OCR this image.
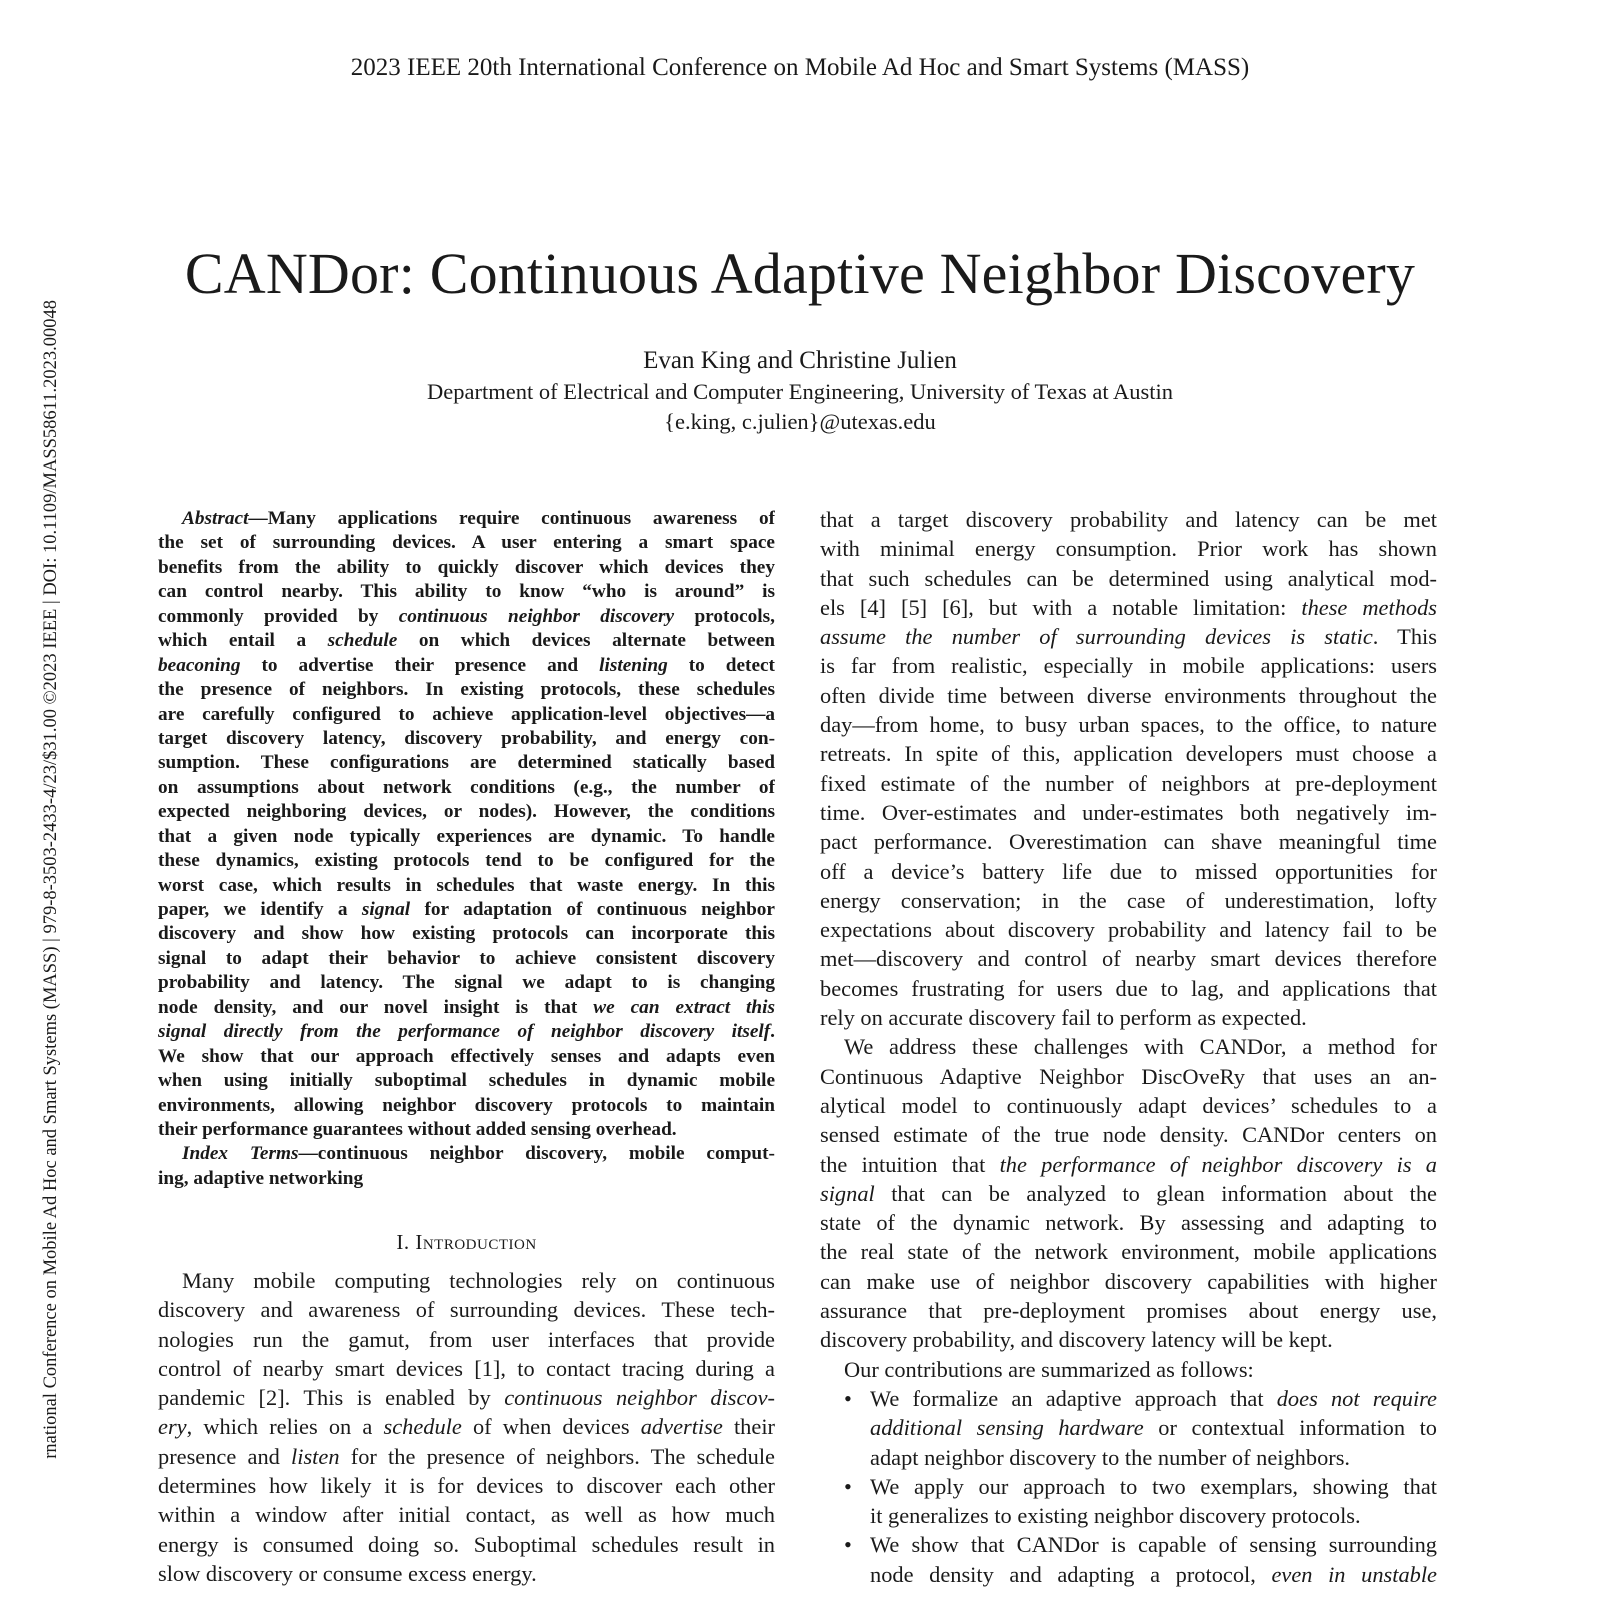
2023 IEEE 20th International Conference on Mobile Ad Hoc and Smart Systems (MASS)
rnational Conference on Mobile Ad Hoc and Smart Systems (MASS) | 979-8-3503-2433-4/23/$31.00 ©2023 IEEE | DOI: 10.1109/MASS58611.2023.00048
CANDor: Continuous Adaptive Neighbor Discovery
Evan King and Christine Julien
Department of Electrical and Computer Engineering, University of Texas at Austin
{e.king, c.julien}@utexas.edu
Abstract—Many applications require continuous awareness of
the set of surrounding devices. A user entering a smart space
benefits from the ability to quickly discover which devices they
can control nearby. This ability to know “who is around” is
commonly provided by continuous neighbor discovery protocols,
which entail a schedule on which devices alternate between
beaconing to advertise their presence and listening to detect
the presence of neighbors. In existing protocols, these schedules
are carefully configured to achieve application-level objectives—a
target discovery latency, discovery probability, and energy con-
sumption. These configurations are determined statically based
on assumptions about network conditions (e.g., the number of
expected neighboring devices, or nodes). However, the conditions
that a given node typically experiences are dynamic. To handle
these dynamics, existing protocols tend to be configured for the
worst case, which results in schedules that waste energy. In this
paper, we identify a signal for adaptation of continuous neighbor
discovery and show how existing protocols can incorporate this
signal to adapt their behavior to achieve consistent discovery
probability and latency. The signal we adapt to is changing
node density, and our novel insight is that we can extract this
signal directly from the performance of neighbor discovery itself.
We show that our approach effectively senses and adapts even
when using initially suboptimal schedules in dynamic mobile
environments, allowing neighbor discovery protocols to maintain
their performance guarantees without added sensing overhead.
Index Terms—continuous neighbor discovery, mobile comput-
ing, adaptive networking
I. Introduction
Many mobile computing technologies rely on continuous
discovery and awareness of surrounding devices. These tech-
nologies run the gamut, from user interfaces that provide
control of nearby smart devices [1], to contact tracing during a
pandemic [2]. This is enabled by continuous neighbor discov-
ery, which relies on a schedule of when devices advertise their
presence and listen for the presence of neighbors. The schedule
determines how likely it is for devices to discover each other
within a window after initial contact, as well as how much
energy is consumed doing so. Suboptimal schedules result in
slow discovery or consume excess energy.
that a target discovery probability and latency can be met
with minimal energy consumption. Prior work has shown
that such schedules can be determined using analytical mod-
els [4] [5] [6], but with a notable limitation: these methods
assume the number of surrounding devices is static. This
is far from realistic, especially in mobile applications: users
often divide time between diverse environments throughout the
day—from home, to busy urban spaces, to the office, to nature
retreats. In spite of this, application developers must choose a
fixed estimate of the number of neighbors at pre-deployment
time. Over-estimates and under-estimates both negatively im-
pact performance. Overestimation can shave meaningful time
off a device’s battery life due to missed opportunities for
energy conservation; in the case of underestimation, lofty
expectations about discovery probability and latency fail to be
met—discovery and control of nearby smart devices therefore
becomes frustrating for users due to lag, and applications that
rely on accurate discovery fail to perform as expected.
We address these challenges with CANDor, a method for
Continuous Adaptive Neighbor DiscOveRy that uses an an-
alytical model to continuously adapt devices’ schedules to a
sensed estimate of the true node density. CANDor centers on
the intuition that the performance of neighbor discovery is a
signal that can be analyzed to glean information about the
state of the dynamic network. By assessing and adapting to
the real state of the network environment, mobile applications
can make use of neighbor discovery capabilities with higher
assurance that pre-deployment promises about energy use,
discovery probability, and discovery latency will be kept.
Our contributions are summarized as follows:
• We formalize an adaptive approach that does not require
additional sensing hardware or contextual information to
adapt neighbor discovery to the number of neighbors.
• We apply our approach to two exemplars, showing that
it generalizes to existing neighbor discovery protocols.
• We show that CANDor is capable of sensing surrounding
node density and adapting a protocol, even in unstable
